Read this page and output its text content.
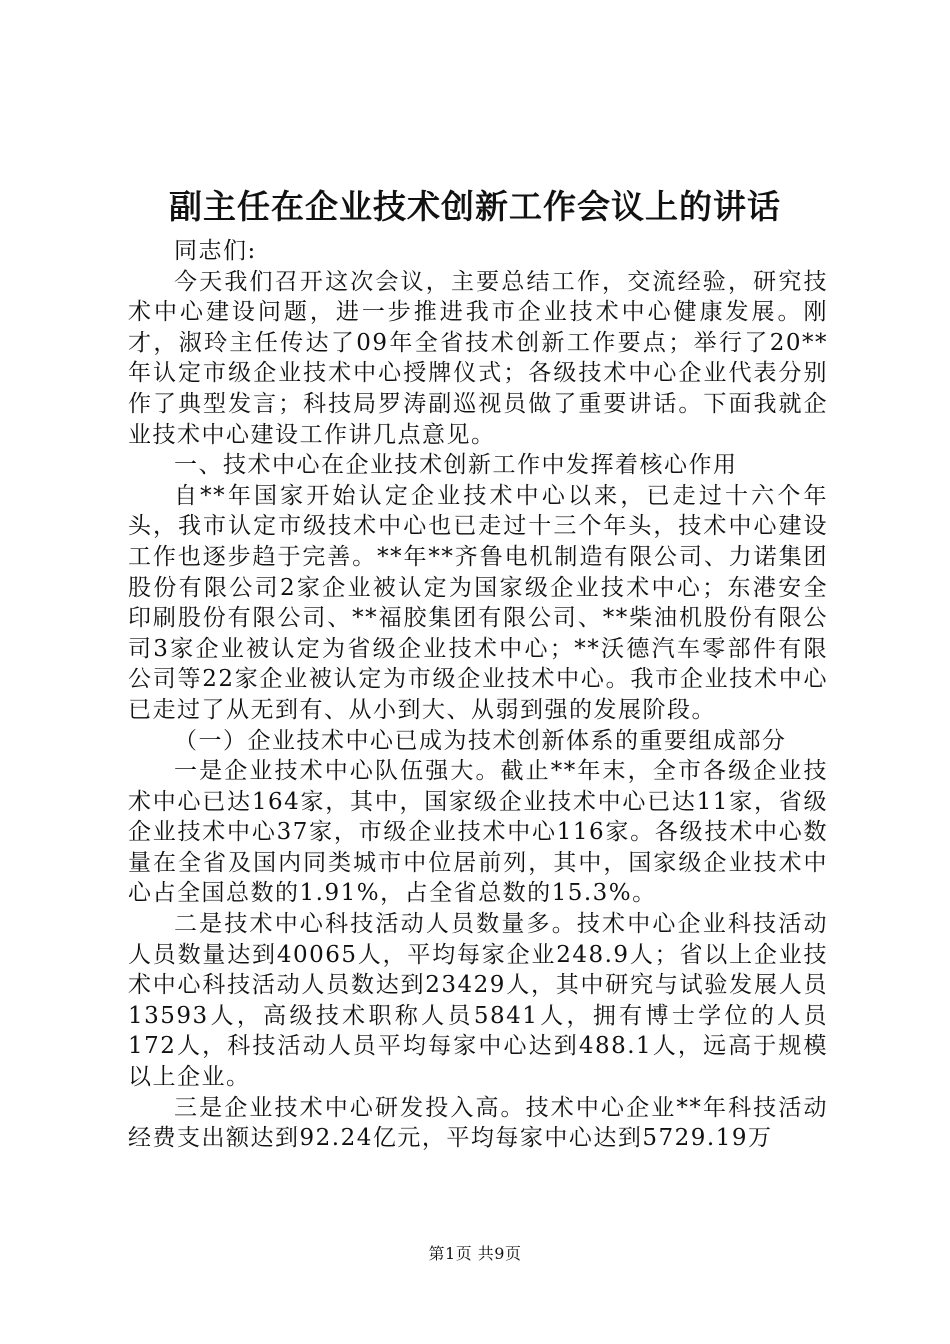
副主任在企业技术创新工作会议上的讲话

同志们:

今天我们召开这次会议，主要总结工作，交流经验，研究技术中心建设问题，进一步推进我市企业技术中心健康发展。刚才，淑玲主任传达了09年全省技术创新工作要点；举行了20**年认定市级企业技术中心授牌仪式；各级技术中心企业代表分别作了典型发言；科技局罗涛副巡视员做了重要讲话。下面我就企业技术中心建设工作讲几点意见。

一、技术中心在企业技术创新工作中发挥着核心作用

自**年国家开始认定企业技术中心以来，已走过十六个年头，我市认定市级技术中心也已走过十三个年头，技术中心建设工作也逐步趋于完善。**年**齐鲁电机制造有限公司、力诺集团股份有限公司2家企业被认定为国家级企业技术中心；东港安全印刷股份有限公司、**福胶集团有限公司、**柴油机股份有限公司3家企业被认定为省级企业技术中心；**沃德汽车零部件有限公司等22家企业被认定为市级企业技术中心。我市企业技术中心已走过了从无到有、从小到大、从弱到强的发展阶段。

（一）企业技术中心已成为技术创新体系的重要组成部分

一是企业技术中心队伍强大。截止**年末，全市各级企业技术中心已达164家，其中，国家级企业技术中心已达11家，省级企业技术中心37家，市级企业技术中心116家。各级技术中心数量在全省及国内同类城市中位居前列，其中，国家级企业技术中心占全国总数的1.91%，占全省总数的15.3%。

二是技术中心科技活动人员数量多。技术中心企业科技活动人员数量达到40065人，平均每家企业248.9人；省以上企业技术中心科技活动人员数达到23429人，其中研究与试验发展人员13593人，高级技术职称人员5841人，拥有博士学位的人员172人，科技活动人员平均每家中心达到488.1人，远高于规模以上企业。

三是企业技术中心研发投入高。技术中心企业**年科技活动经费支出额达到92.24亿元，平均每家中心达到5729.19万

第1页 共9页
